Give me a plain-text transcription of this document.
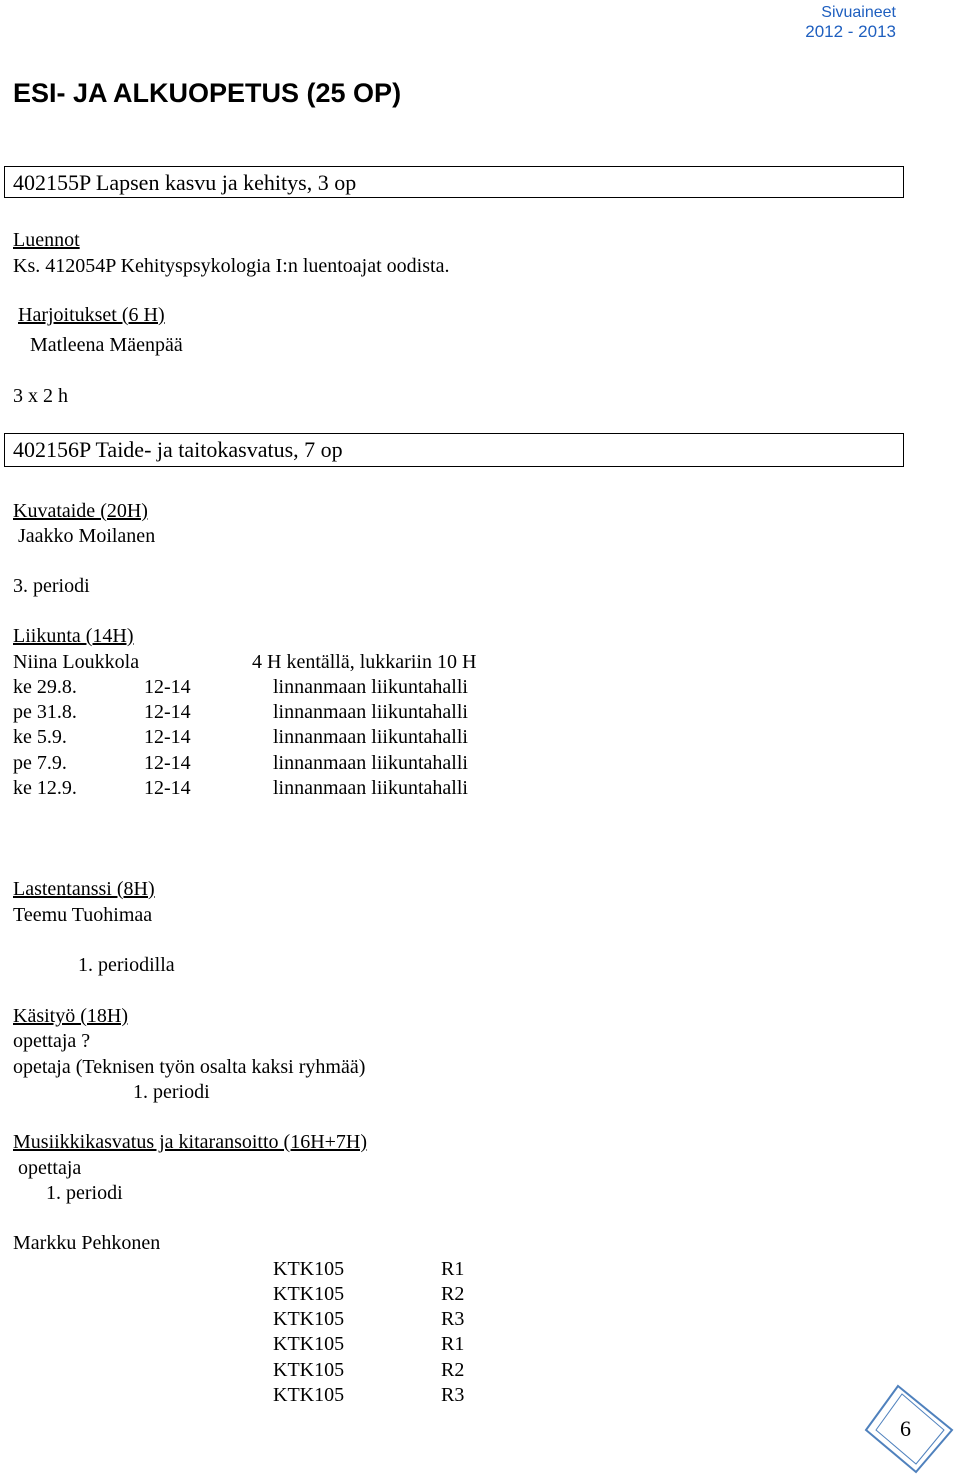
Sivuaineet
2012 - 2013
ESI- JA ALKUOPETUS (25 OP)
402155P Lapsen kasvu ja kehitys, 3 op
Luennot
Ks. 412054P Kehityspsykologia I:n luentoajat oodista.
Harjoitukset (6 H)
Matleena Mäenpää
3 x 2 h
402156P Taide- ja taitokasvatus, 7 op
Kuvataide (20H)
Jaakko Moilanen
3. periodi
Liikunta (14H)
Niina Loukkola	4 H kentällä, lukkariin 10 H
ke 29.8.	12-14	linnanmaan liikuntahalli
pe 31.8.	12-14	linnanmaan liikuntahalli
ke 5.9.	12-14	linnanmaan liikuntahalli
pe 7.9.	12-14	linnanmaan liikuntahalli
ke 12.9.	12-14	linnanmaan liikuntahalli
Lastentanssi (8H)
Teemu Tuohimaa
1. periodilla
Käsityö (18H)
opettaja ?
opetaja (Teknisen työn osalta kaksi ryhmää)
1. periodi
Musiikkikasvatus ja kitaransoitto (16H+7H)
opettaja
1. periodi
Markku Pehkonen
KTK105	R1
KTK105	R2
KTK105	R3
KTK105	R1
KTK105	R2
KTK105	R3
6
